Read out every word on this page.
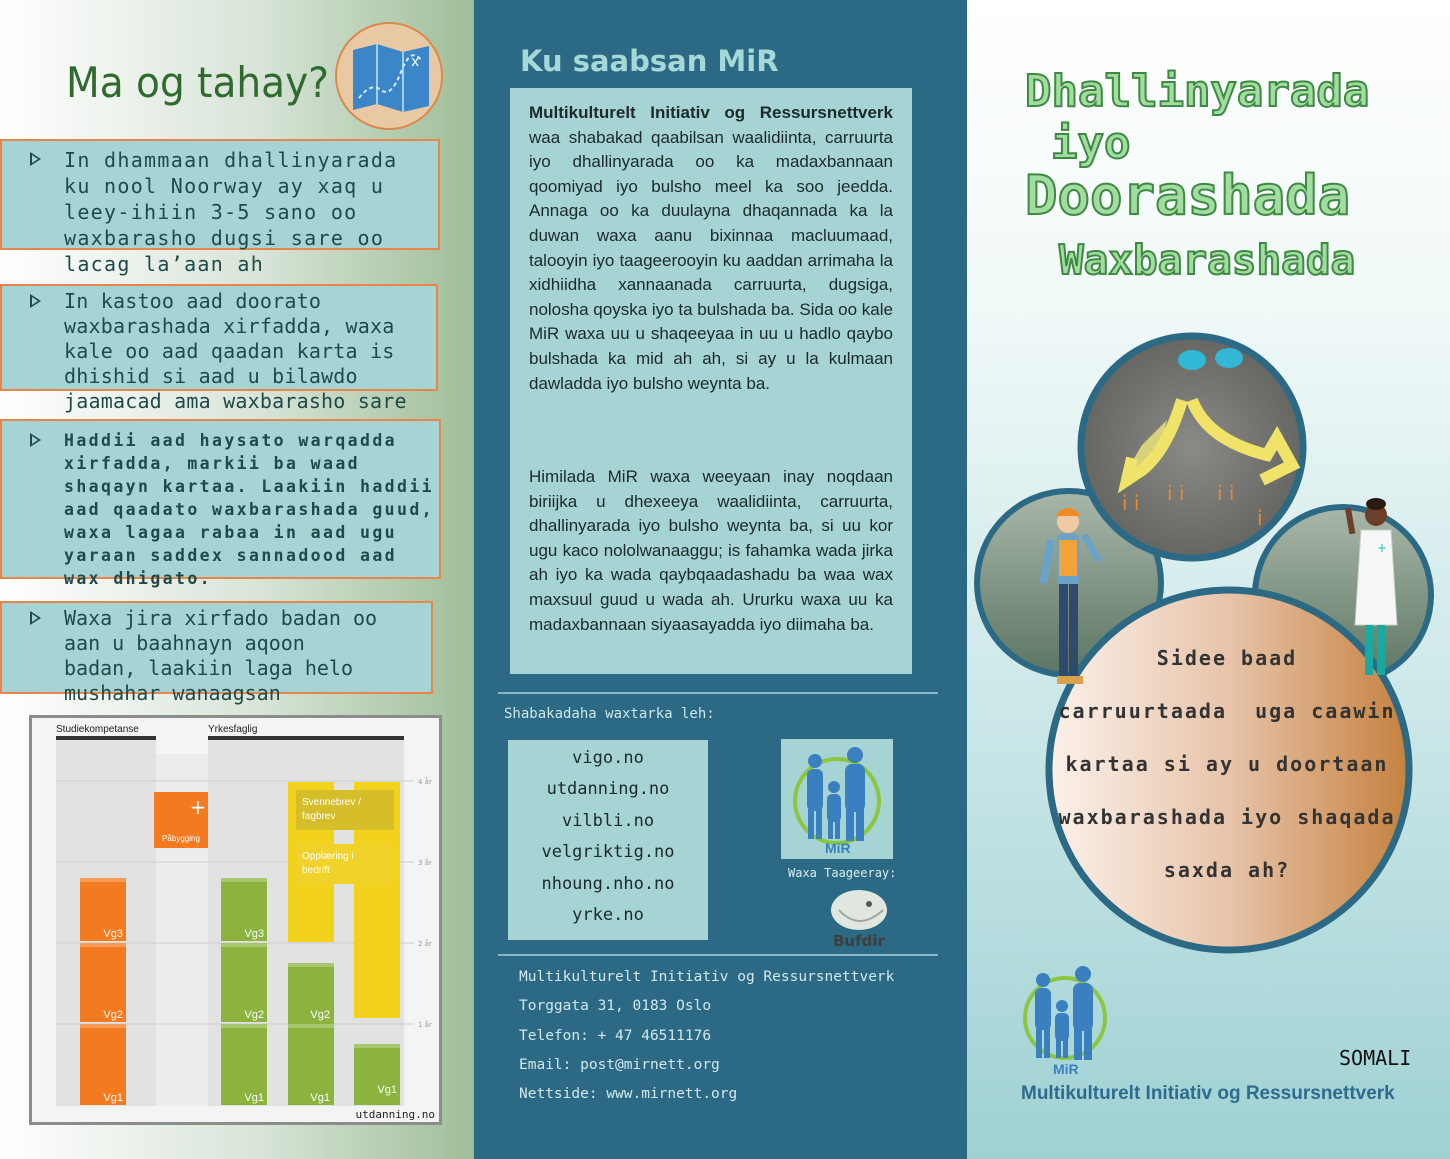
Ma og tahay?	x

In dhammaan dhallinyarada ku nool Noorway ay xaq u leey-ihiin 3-5 sano oo waxbarasho dugsi sare oo lacag la’aan ah

In kastoo aad doorato waxbarashada xirfadda, waxa kale oo aad qaadan karta is dhishid si aad u bilawdo jaamacad ama waxbarasho sare

Haddii aad haysato warqadda xirfadda, markii ba waad shaqayn kartaa. Laakiin haddii aad qaadato waxbarashada guud, waxa lagaa rabaa in aad ugu yaraan saddex sannadood aad wax dhigato.

Waxa jira xirfado badan oo aan u baahnayn aqoon badan, laakiin laga helo mushahar wanaagsan

Studiekompetanse	Yrkesfaglig
4 år
3 år
2 år
1 år
Vg1
Vg2
Vg3
+
Påbygging
Vg1
Vg2
Vg3
Vg1
Vg2
Vg1
Svennebrev / fagbrev
Opplæring i bedrift
utdanning.no
Ku saabsan MiR
Multikulturelt Initiativ og Ressursnettverk waa shabakad qaabilsan waalidiinta, carruurta iyo dhallinyarada oo ka madaxbannaan qoomiyad iyo bulsho meel ka soo jeedda. Annaga oo ka duulayna dhaqannada ka la duwan waxa aanu bixinnaa macluumaad, talooyin iyo taageerooyin ku aaddan arrimaha la xidhiidha xannaanada carruurta, dugsiga, nolosha qoyska iyo ta bulshada ba. Sida oo kale MiR waxa uu u shaqeeyaa in uu u hadlo qaybo bulshada ka mid ah ah, si ay u la kulmaan dawladda iyo bulsho weynta ba.
Himilada MiR waxa weeyaan inay noqdaan biriijka u dhexeeya waalidiinta, carruurta, dhallinyarada iyo bulsho weynta ba, si uu kor ugu kaco nololwanaaggu; is fahamka wada jirka ah iyo ka wada qaybqaadashadu ba waa wax maxsuul guud u wada ah. Ururku waxa uu ka madaxbannaan siyaasayadda iyo diimaha ba.
Shabakadaha waxtarka leh:
vigo.no
utdanning.no
vilbli.no
velgriktig.no
nhoung.nho.no
yrke.no
MiR
Waxa Taageeray:
Bufdir
Multikulturelt Initiativ og Ressursnettverk
Torggata 31, 0183 Oslo
Telefon: + 47 46511176
Email: post@mirnett.org
Nettside: www.mirnett.org
Dhallinyarada
iyo
Doorashada
Waxbarashada
i i i i i i
i
+
Sidee baad
carruurtaada  uga caawin
kartaa si ay u doortaan
waxbarashada iyo shaqada
saxda ah?
MiR	SOMALI
Multikulturelt Initiativ og Ressursnettverk
